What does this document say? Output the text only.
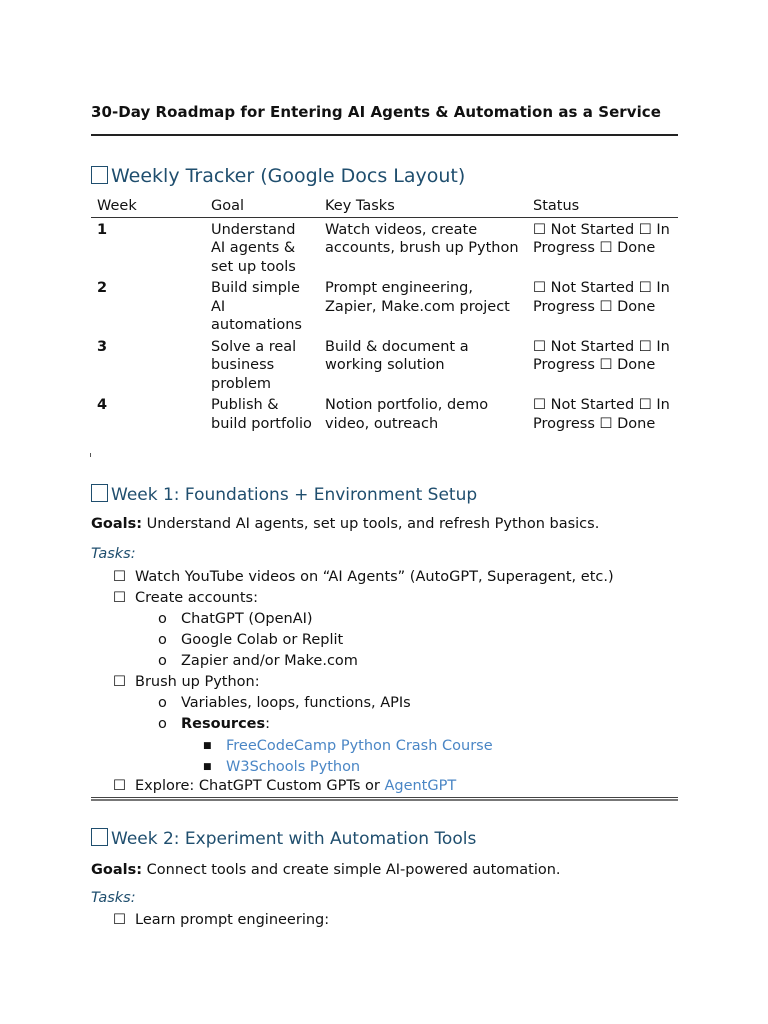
30-Day Roadmap for Entering AI Agents & Automation as a Service
Weekly Tracker (Google Docs Layout)
Week	Goal	Key Tasks	Status
1	Understand AI agents & set up tools	Watch videos, create accounts, brush up Python	☐ Not Started ☐ In Progress ☐ Done
2	Build simple AI automations	Prompt engineering, Zapier, Make.com project	☐ Not Started ☐ In Progress ☐ Done
3	Solve a real business problem	Build & document a working solution	☐ Not Started ☐ In Progress ☐ Done
4	Publish & build portfolio	Notion portfolio, demo video, outreach	☐ Not Started ☐ In Progress ☐ Done
Week 1: Foundations + Environment Setup
Goals: Understand AI agents, set up tools, and refresh Python basics.
Tasks:
☐ Watch YouTube videos on “AI Agents” (AutoGPT, Superagent, etc.)
☐ Create accounts:
o ChatGPT (OpenAI)
o Google Colab or Replit
o Zapier and/or Make.com
☐ Brush up Python:
o Variables, loops, functions, APIs
o Resources:
■ FreeCodeCamp Python Crash Course
■ W3Schools Python
☐ Explore: ChatGPT Custom GPTs or AgentGPT
Week 2: Experiment with Automation Tools
Goals: Connect tools and create simple AI-powered automation.
Tasks:
☐ Learn prompt engineering:
